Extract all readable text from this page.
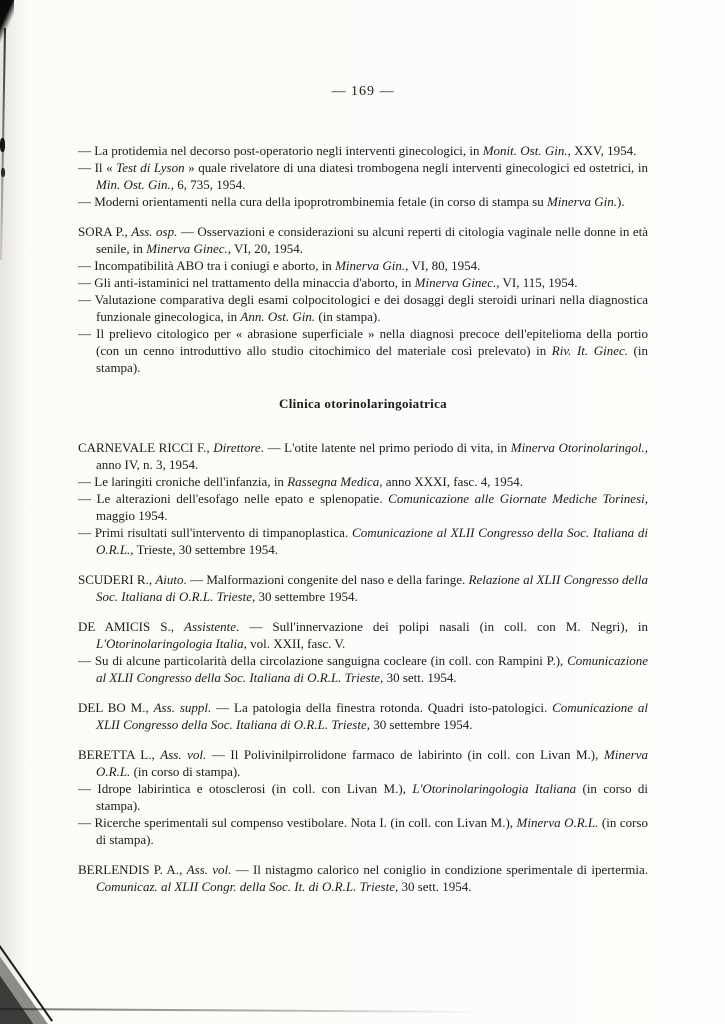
— 169 —

— La protidemia nel decorso post-operatorio negli interventi ginecologici, in Monit. Ost. Gin., XXV, 1954.

— Il « Test di Lyson » quale rivelatore di una diatesi trombogena negli interventi ginecologici ed ostetrici, in Min. Ost. Gin., 6, 735, 1954.

— Moderni orientamenti nella cura della ipoprotrombinemia fetale (in corso di stampa su Minerva Gin.).

SORA P., Ass. osp. — Osservazioni e considerazioni su alcuni reperti di citologia vaginale nelle donne in età senile, in Minerva Ginec., VI, 20, 1954.

— Incompatibilità ABO tra i coniugi e aborto, in Minerva Gin., VI, 80, 1954.

— Gli anti-istaminici nel trattamento della minaccia d'aborto, in Minerva Ginec., VI, 115, 1954.

— Valutazione comparativa degli esami colpocitologici e dei dosaggi degli steroidi urinari nella diagnostica funzionale ginecologica, in Ann. Ost. Gin. (in stampa).

— Il prelievo citologico per « abrasione superficiale » nella diagnosi precoce dell'epitelioma della portio (con un cenno introduttivo allo studio citochimico del materiale così prelevato) in Riv. It. Ginec. (in stampa).

Clinica otorinolaringoiatrica

CARNEVALE RICCI F., Direttore. — L'otite latente nel primo periodo di vita, in Minerva Otorinolaringol., anno IV, n. 3, 1954.

— Le laringiti croniche dell'infanzia, in Rassegna Medica, anno XXXI, fasc. 4, 1954.

— Le alterazioni dell'esofago nelle epato e splenopatie. Comunicazione alle Giornate Mediche Torinesi, maggio 1954.

— Primi risultati sull'intervento di timpanoplastica. Comunicazione al XLII Congresso della Soc. Italiana di O.R.L., Trieste, 30 settembre 1954.

SCUDERI R., Aiuto. — Malformazioni congenite del naso e della faringe. Relazione al XLII Congresso della Soc. Italiana di O.R.L. Trieste, 30 settembre 1954.

DE AMICIS S., Assistente. — Sull'innervazione dei polipi nasali (in coll. con M. Negri), in L'Otorinolaringologia Italia, vol. XXII, fasc. V.

— Su di alcune particolarità della circolazione sanguigna cocleare (in coll. con Rampini P.), Comunicazione al XLII Congresso della Soc. Italiana di O.R.L. Trieste, 30 sett. 1954.

DEL BO M., Ass. suppl. — La patologia della finestra rotonda. Quadri isto-patologici. Comunicazione al XLII Congresso della Soc. Italiana di O.R.L. Trieste, 30 settembre 1954.

BERETTA L., Ass. vol. — Il Polivinilpirrolidone farmaco de labirinto (in coll. con Livan M.), Minerva O.R.L. (in corso di stampa).

— Idrope labirintica e otosclerosi (in coll. con Livan M.), L'Otorinolaringologia Italiana (in corso di stampa).

— Ricerche sperimentali sul compenso vestibolare. Nota I. (in coll. con Livan M.), Minerva O.R.L. (in corso di stampa).

BERLENDIS P. A., Ass. vol. — Il nistagmo calorico nel coniglio in condizione sperimentale di ipertermia. Comunicaz. al XLII Congr. della Soc. It. di O.R.L. Trieste, 30 sett. 1954.
